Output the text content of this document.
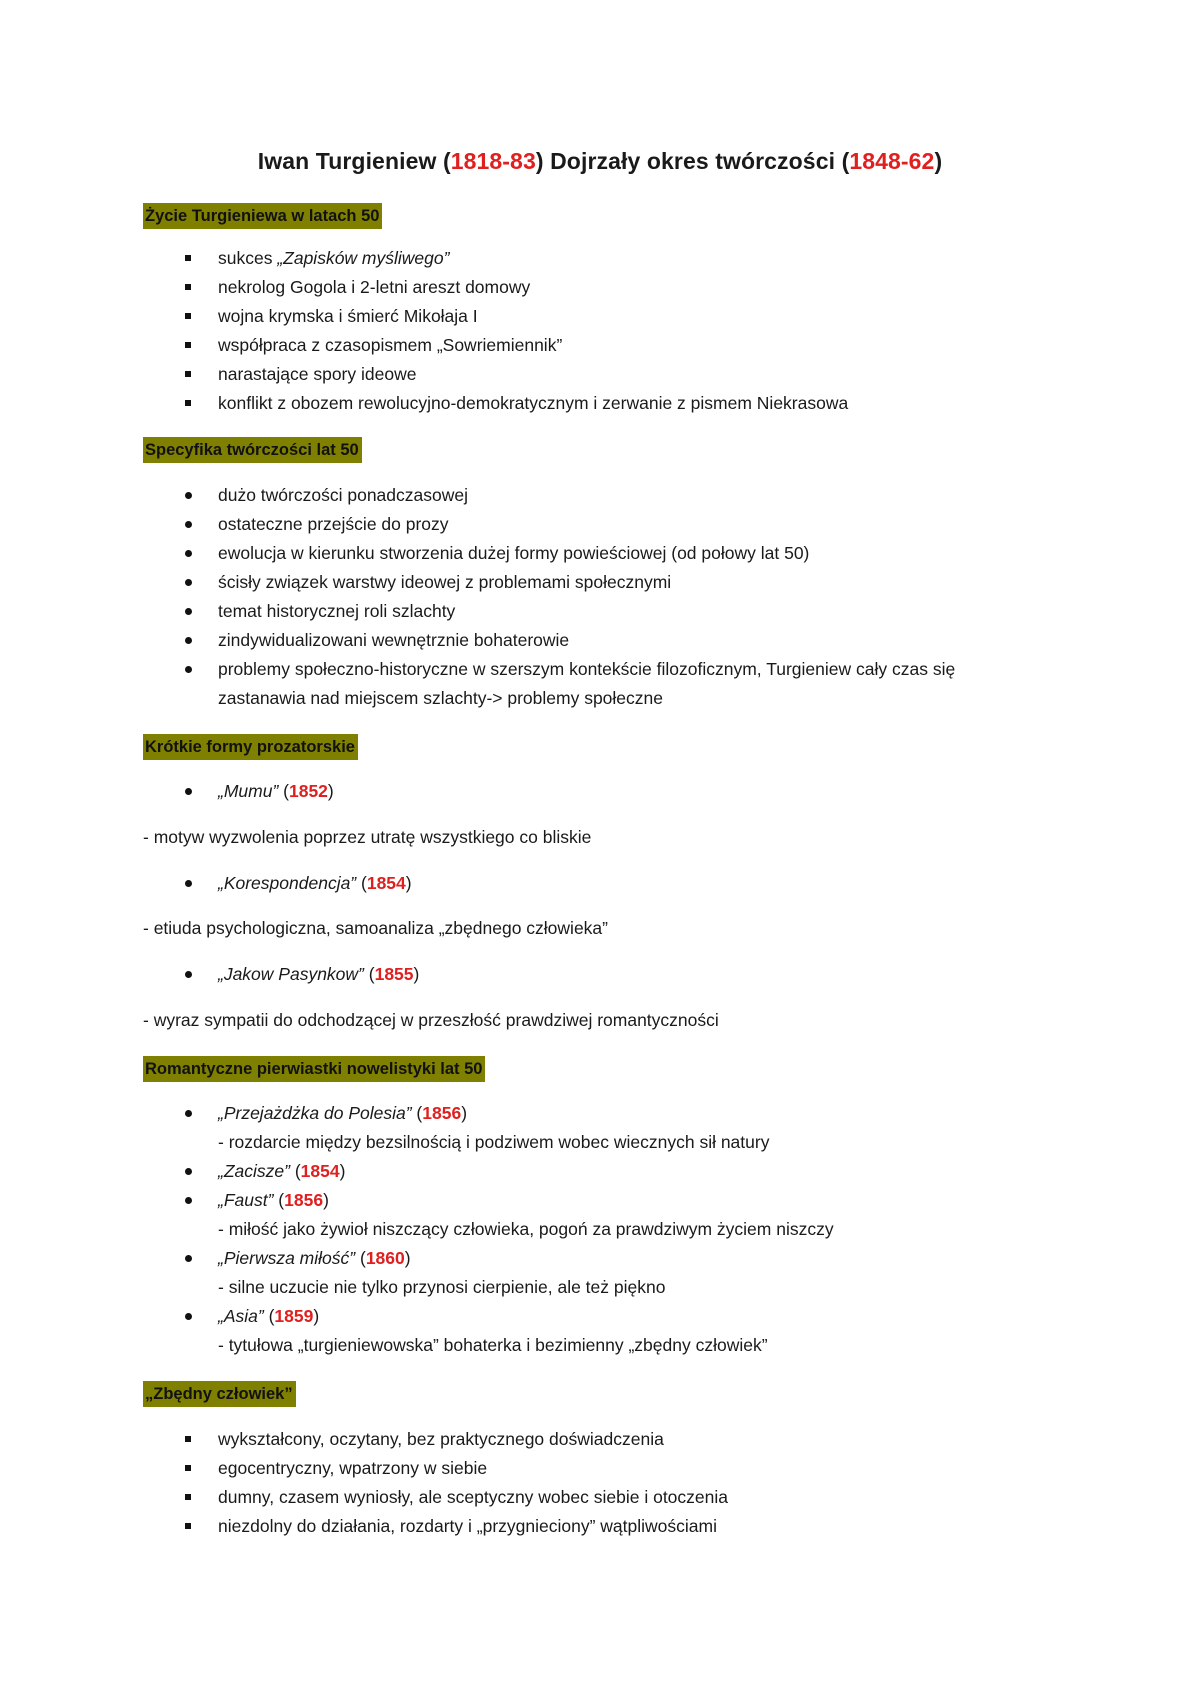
Iwan Turgieniew (1818-83) Dojrzały okres twórczości (1848-62)
Życie Turgieniewa w latach 50
sukces „Zapisków myśliwego”
nekrolog Gogola i 2-letni areszt domowy
wojna krymska i śmierć Mikołaja I
współpraca z czasopismem „Sowriemiennik”
narastające spory ideowe
konflikt z obozem rewolucyjno-demokratycznym i zerwanie z pismem Niekrasowa
Specyfika twórczości lat 50
dużo twórczości ponadczasowej
ostateczne przejście do prozy
ewolucja w kierunku stworzenia dużej formy powieściowej (od połowy lat 50)
ścisły związek warstwy ideowej z problemami społecznymi
temat historycznej roli szlachty
zindywidualizowani wewnętrznie bohaterowie
problemy społeczno-historyczne w szerszym kontekście filozoficznym, Turgieniew cały czas się
zastanawia nad miejscem szlachty-> problemy społeczne
Krótkie formy prozatorskie
„Mumu” (1852)
- motyw wyzwolenia poprzez utratę wszystkiego co bliskie
„Korespondencja” (1854)
- etiuda psychologiczna, samoanaliza „zbędnego człowieka”
„Jakow Pasynkow” (1855)
- wyraz sympatii do odchodzącej w przeszłość prawdziwej romantyczności
Romantyczne pierwiastki nowelistyki lat 50
„Przejażdżka do Polesia” (1856)
- rozdarcie między bezsilnością i podziwem wobec wiecznych sił natury
„Zacisze” (1854)
„Faust” (1856)
- miłość jako żywioł niszczący człowieka, pogoń za prawdziwym życiem niszczy
„Pierwsza miłość” (1860)
- silne uczucie nie tylko przynosi cierpienie, ale też piękno
„Asia” (1859)
- tytułowa „turgieniewowska” bohaterka i bezimienny „zbędny człowiek”
„Zbędny człowiek”
wykształcony, oczytany, bez praktycznego doświadczenia
egocentryczny, wpatrzony w siebie
dumny, czasem wyniosły, ale sceptyczny wobec siebie i otoczenia
niezdolny do działania, rozdarty i „przygnieciony” wątpliwościami
